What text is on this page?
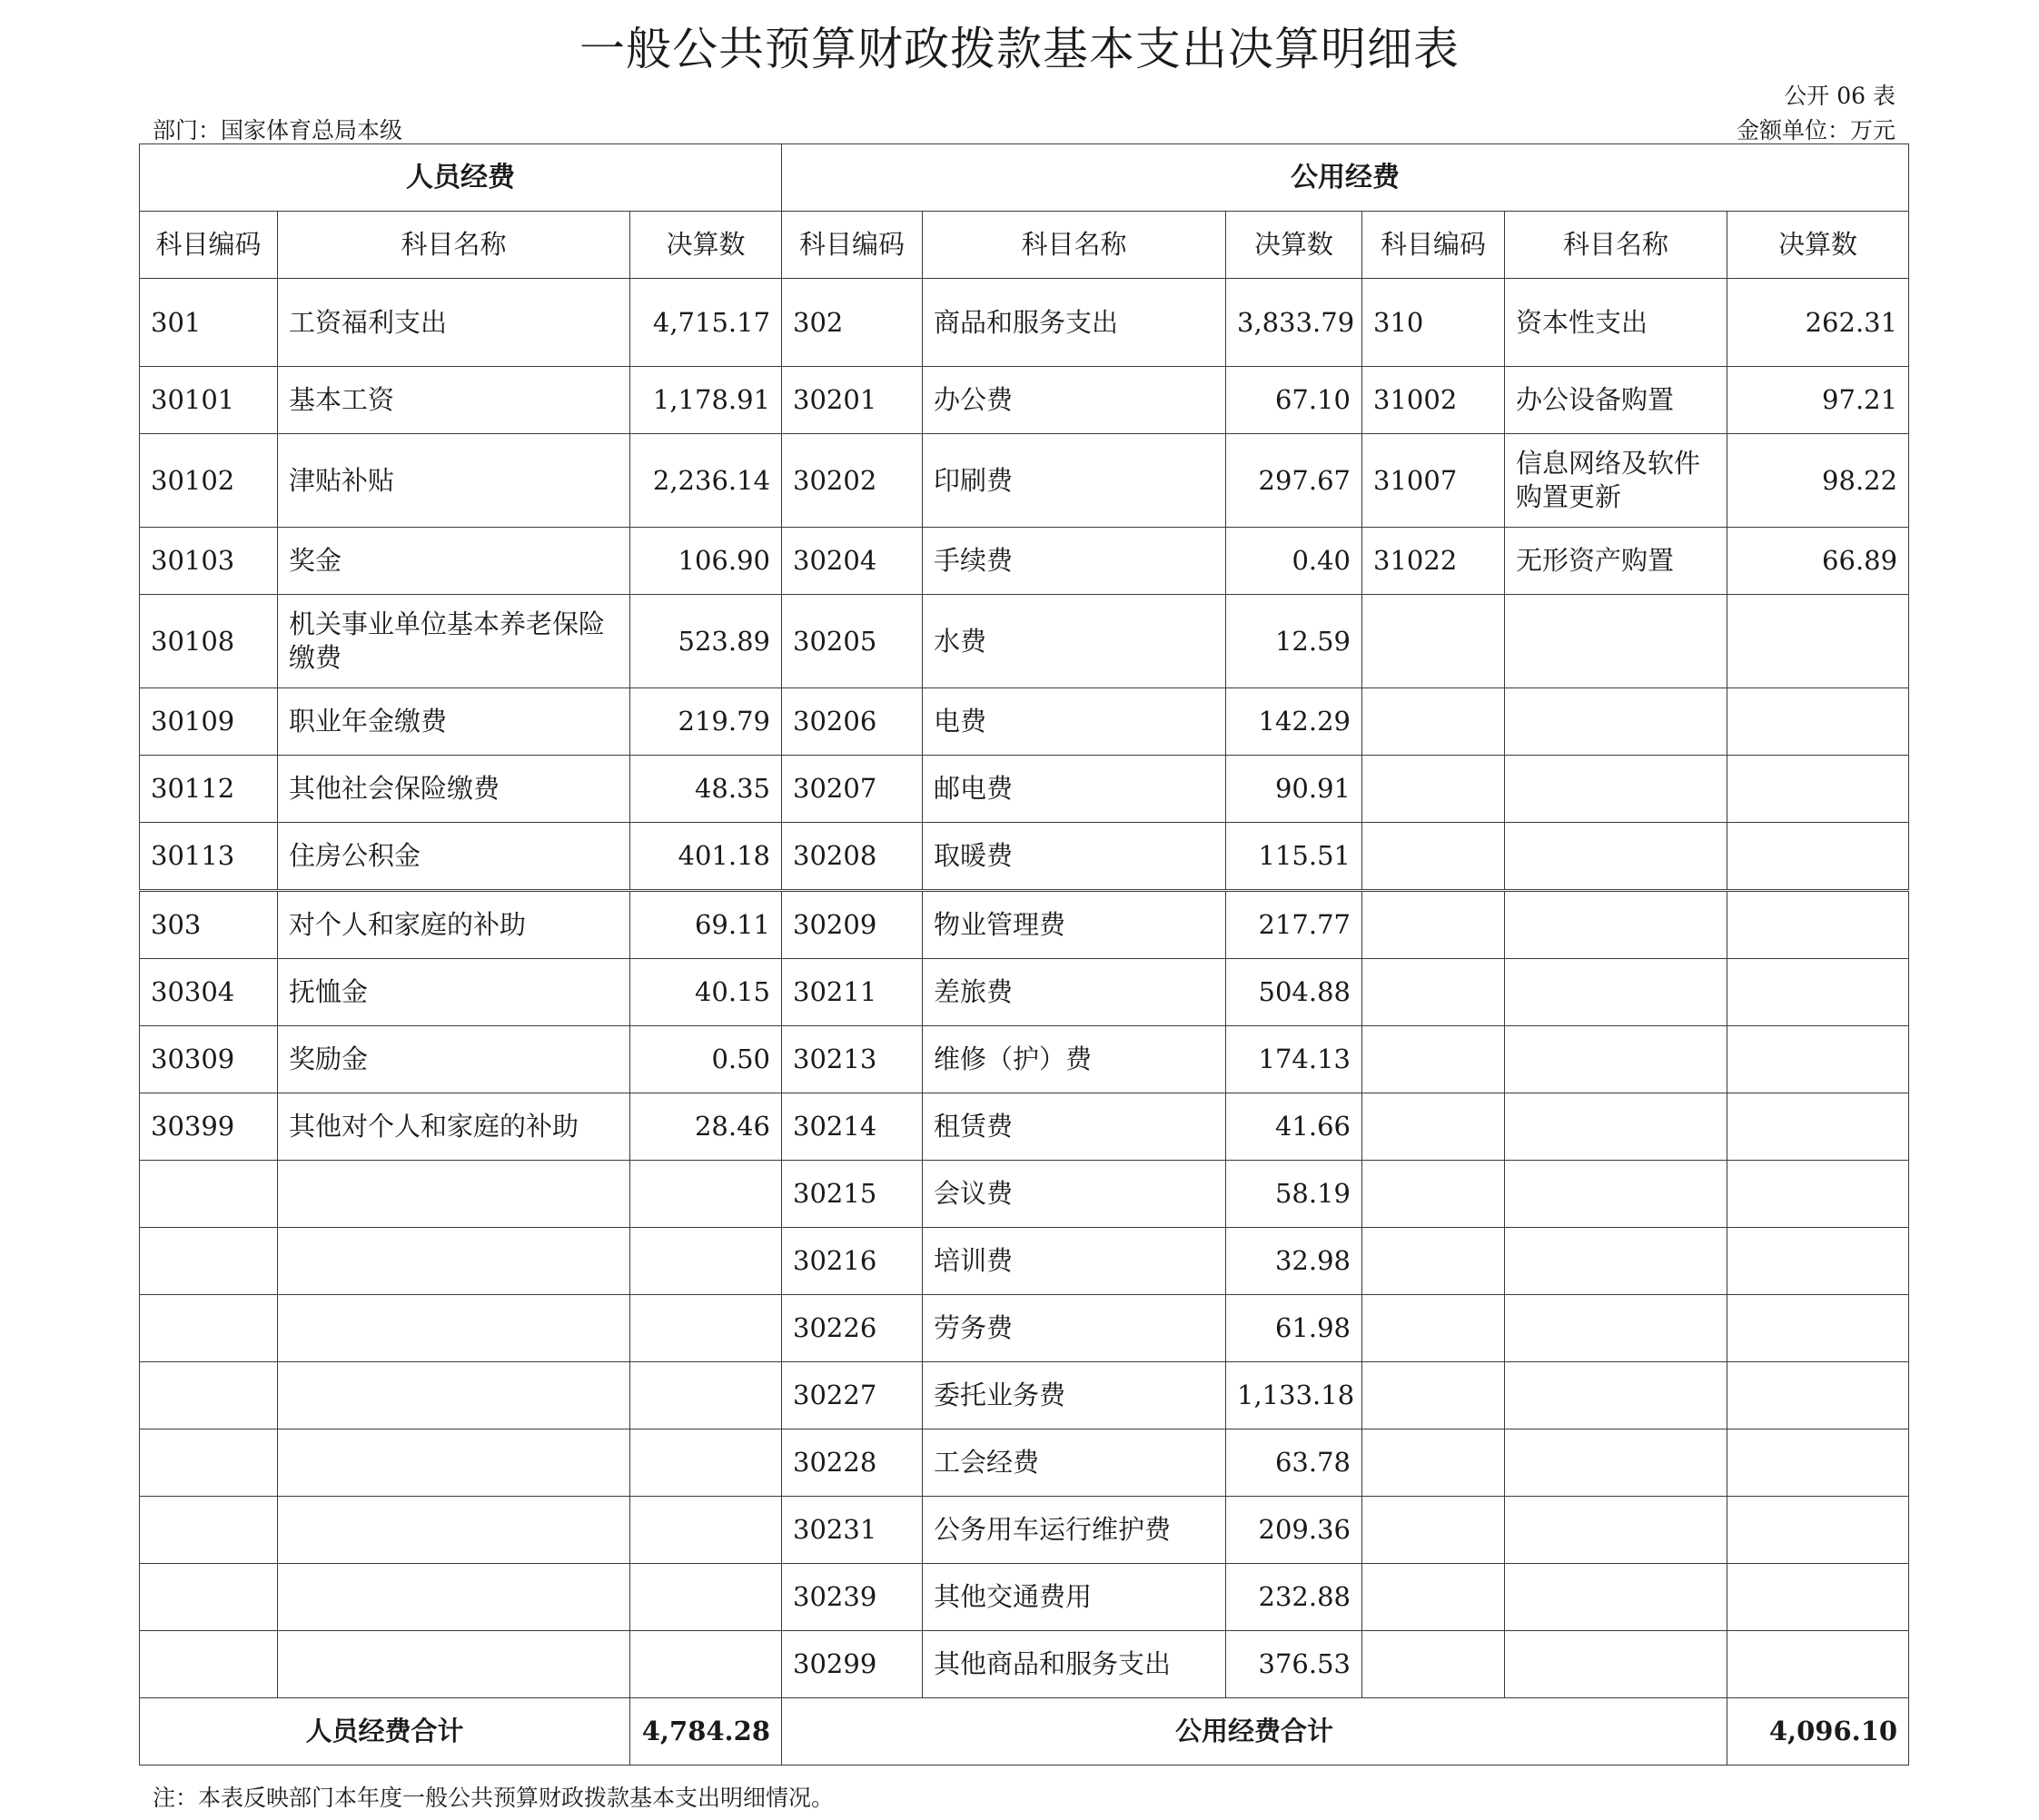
一般公共预算财政拨款基本支出决算明细表
公开 06 表
部门：国家体育总局本级	金额单位：万元
人员经费			公用经费					
科目编码	科目名称	决算数	科目编码	科目名称	决算数	科目编码	科目名称	决算数
301	工资福利支出	4,715.17	302	商品和服务支出	3,833.79	310	资本性支出	262.31
30101	基本工资	1,178.91	30201	办公费	67.10	31002	办公设备购置	97.21
30102	津贴补贴	2,236.14	30202	印刷费	297.67	31007	信息网络及软件购置更新	98.22
30103	奖金	106.90	30204	手续费	0.40	31022	无形资产购置	66.89
30108	机关事业单位基本养老保险缴费	523.89	30205	水费	12.59			
30109	职业年金缴费	219.79	30206	电费	142.29			
30112	其他社会保险缴费	48.35	30207	邮电费	90.91			
30113	住房公积金	401.18	30208	取暖费	115.51			
303	对个人和家庭的补助	69.11	30209	物业管理费	217.77			
30304	抚恤金	40.15	30211	差旅费	504.88			
30309	奖励金	0.50	30213	维修（护）费	174.13			
30399	其他对个人和家庭的补助	28.46	30214	租赁费	41.66			
			30215	会议费	58.19			
			30216	培训费	32.98			
			30226	劳务费	61.98			
			30227	委托业务费	1,133.18			
			30228	工会经费	63.78			
			30231	公务用车运行维护费	209.36			
			30239	其他交通费用	232.88			
			30299	其他商品和服务支出	376.53			
人员经费合计		4,784.28	公用经费合计					4,096.10
注：本表反映部门本年度一般公共预算财政拨款基本支出明细情况。
